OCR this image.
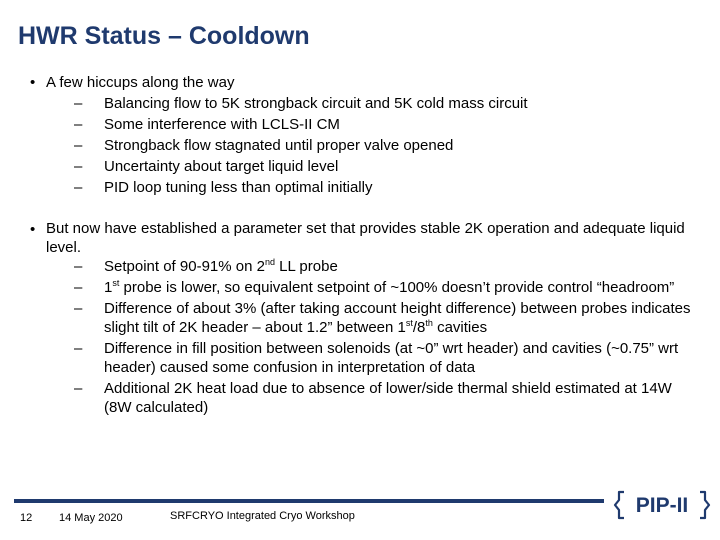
HWR Status – Cooldown
• A few hiccups along the way
– Balancing flow to 5K strongback circuit and 5K cold mass circuit
– Some interference with LCLS-II CM
– Strongback flow stagnated until proper valve opened
– Uncertainty about target liquid level
– PID loop tuning less than optimal initially
• But now have established a parameter set that provides stable 2K operation and adequate liquid level.
– Setpoint of 90-91% on 2nd LL probe
– 1st probe is lower, so equivalent setpoint of ~100% doesn’t provide control “headroom”
– Difference of about 3% (after taking account height difference) between probes indicates slight tilt of 2K header – about 1.2” between 1st/8th cavities
– Difference in fill position between solenoids (at ~0” wrt header) and cavities (~0.75” wrt header) caused some confusion in interpretation of data
– Additional 2K heat load due to absence of lower/side thermal shield estimated at 14W (8W calculated)
12 14 May 2020	SRFCRYO Integrated Cryo Workshop	PIP-II
